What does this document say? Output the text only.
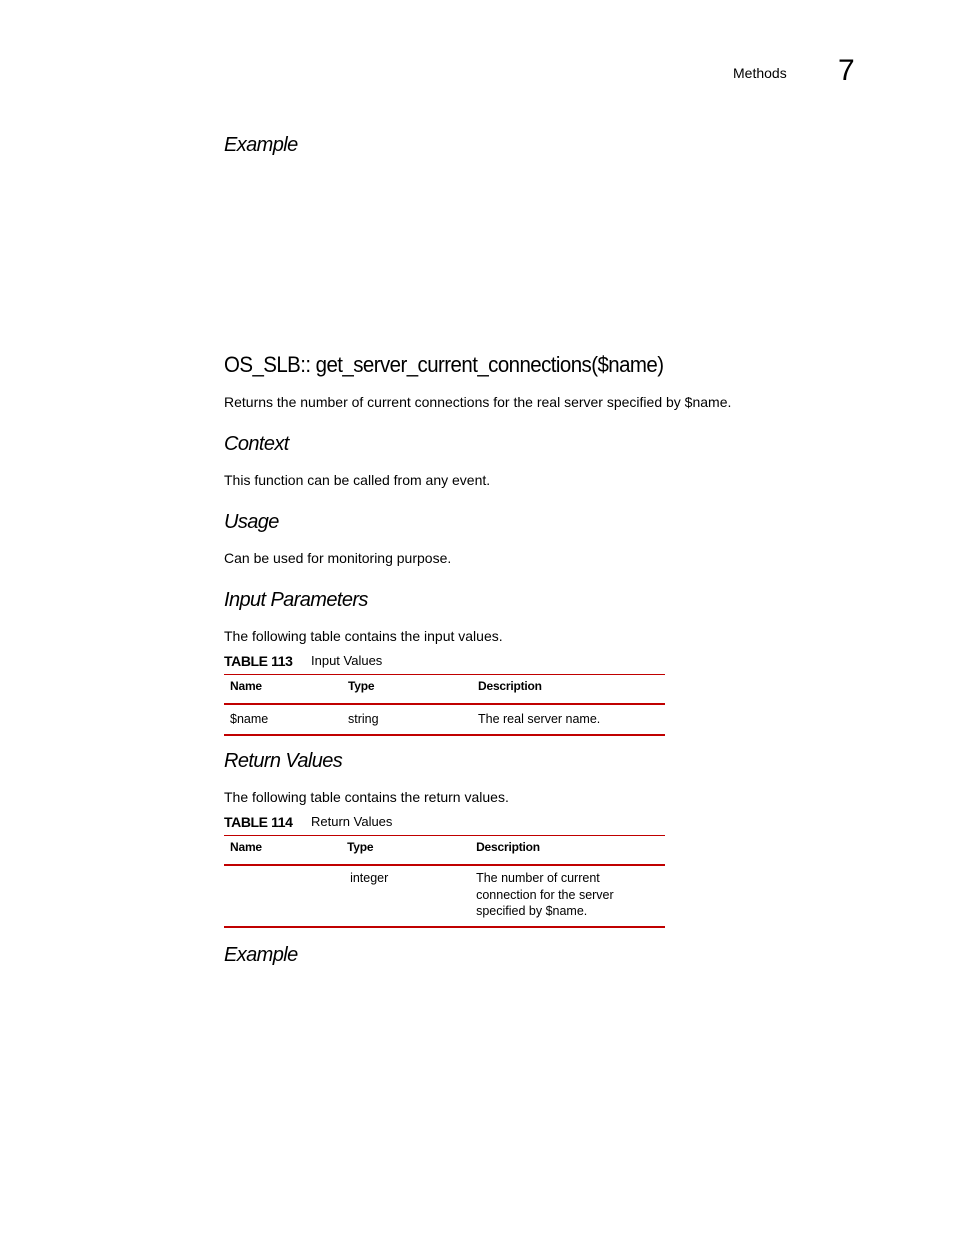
Methods 7
Example
OS_SLB:: get_server_current_connections($name)

Returns the number of current connections for the real server specified by $name.

Context

This function can be called from any event.

Usage

Can be used for monitoring purpose.

Input Parameters

The following table contains the input values.

TABLE 113 Input Values
Name	Type	Description
$name	string	The real server name.
Return Values

The following table contains the return values.

TABLE 114 Return Values
Name	Type	Description
	integer	The number of current connection for the server specified by $name.
Example
